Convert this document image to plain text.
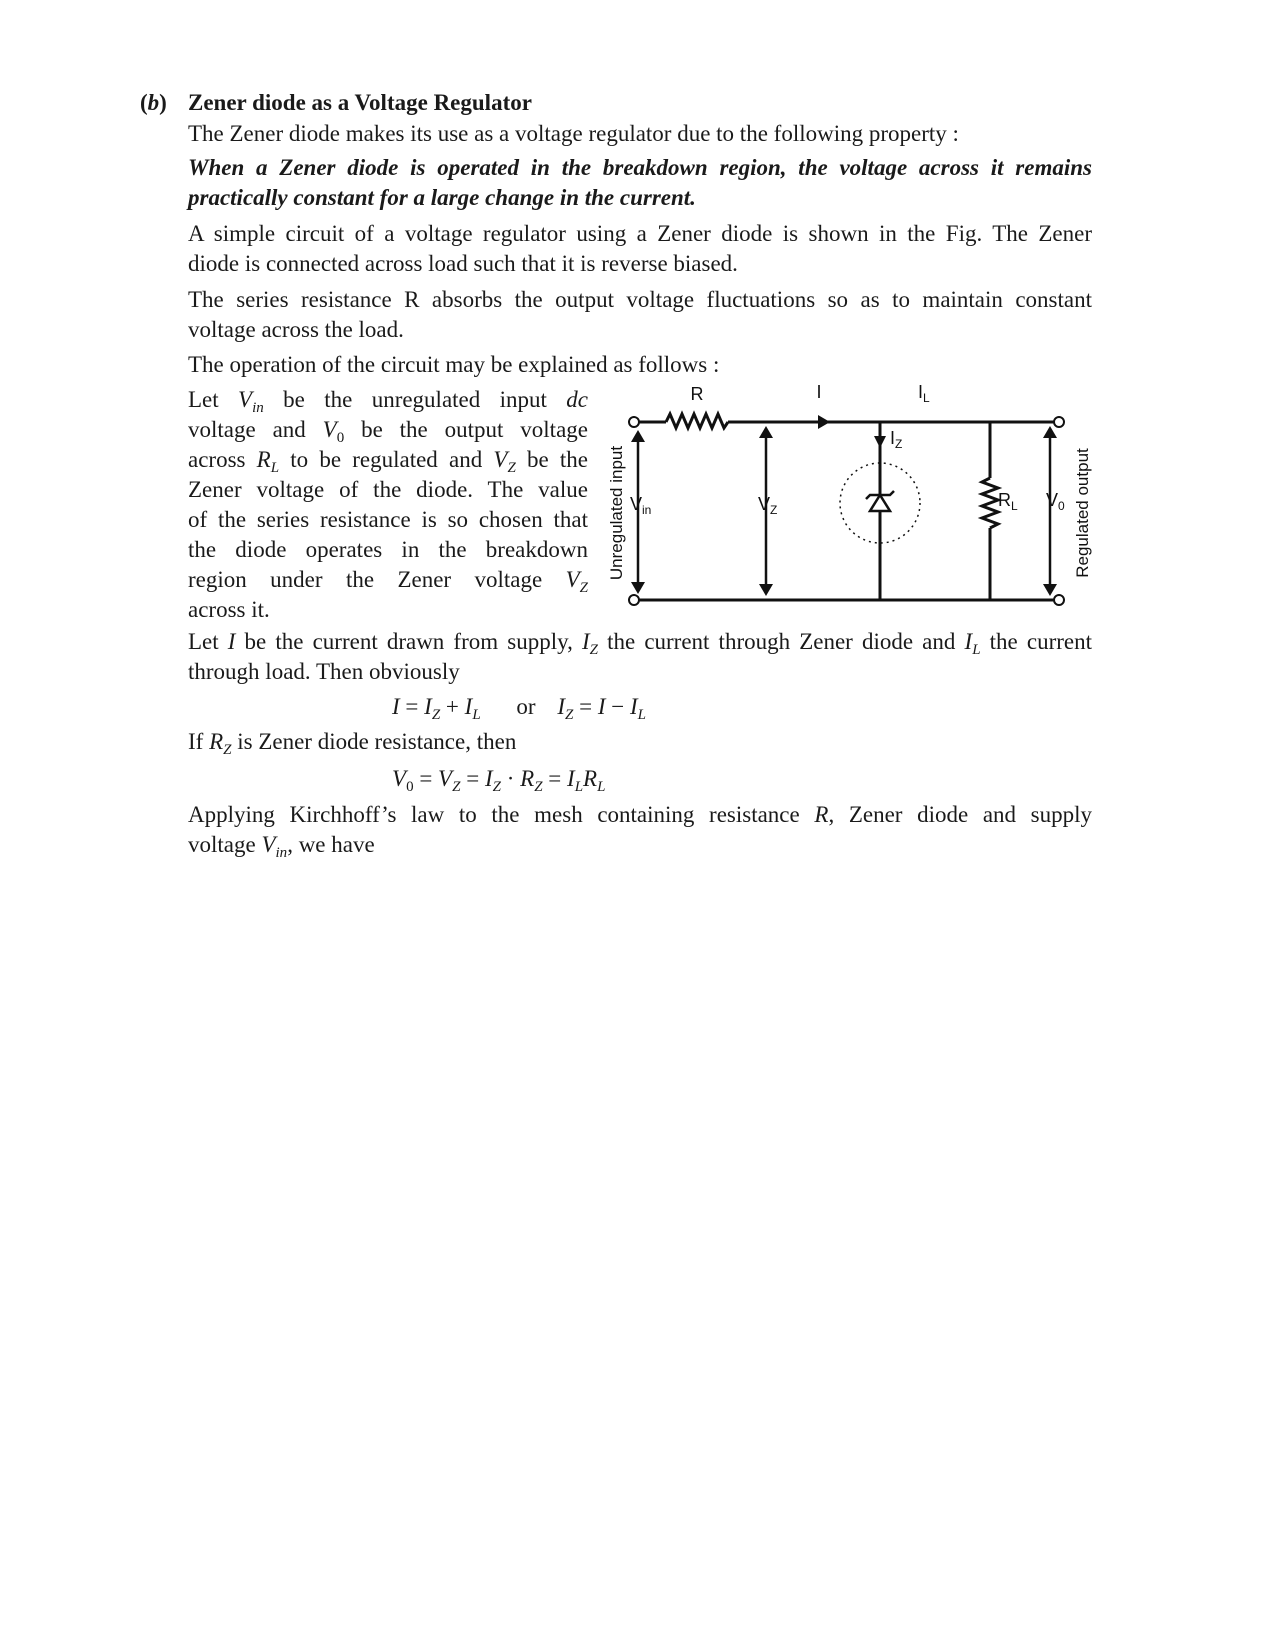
(b) Zener diode as a Voltage Regulator

The Zener diode makes its use as a voltage regulator due to the following property :

When a Zener diode is operated in the breakdown region, the voltage across it remains
practically constant for a large change in the current.
A simple circuit of a voltage regulator using a Zener diode is shown in the Fig. The Zener
diode is connected across load such that it is reverse biased.
The series resistance R absorbs the output voltage fluctuations so as to maintain constant
voltage across the load.

The operation of the circuit may be explained as follows :

Let $V_{in}$ be the unregulated input dc
voltage and $V_0$ be the output voltage
across $R_L$ to be regulated and $V_Z$ be the
Zener voltage of the diode. The value
of the series resistance is so chosen that
the diode operates in the breakdown
region under the Zener voltage $V_Z$
across it.
R	I	$I_L$
$I_Z$
$V_{in}$	$V_Z$	$R_L$ $V_0$
Unregulated input	Regulated output
Let I be the current drawn from supply, $I_Z$ the current through Zener diode and $I_L$ the current
through load. Then obviously
$I = I_Z + I_L$ or $I_Z = I - I_L$
If $R_Z$ is Zener diode resistance, then
$V_0 = V_Z = I_Z \cdot R_Z = I_LR_L$
Applying Kirchhoff’s law to the mesh containing resistance R, Zener diode and supply
voltage $V_{in}$, we have
